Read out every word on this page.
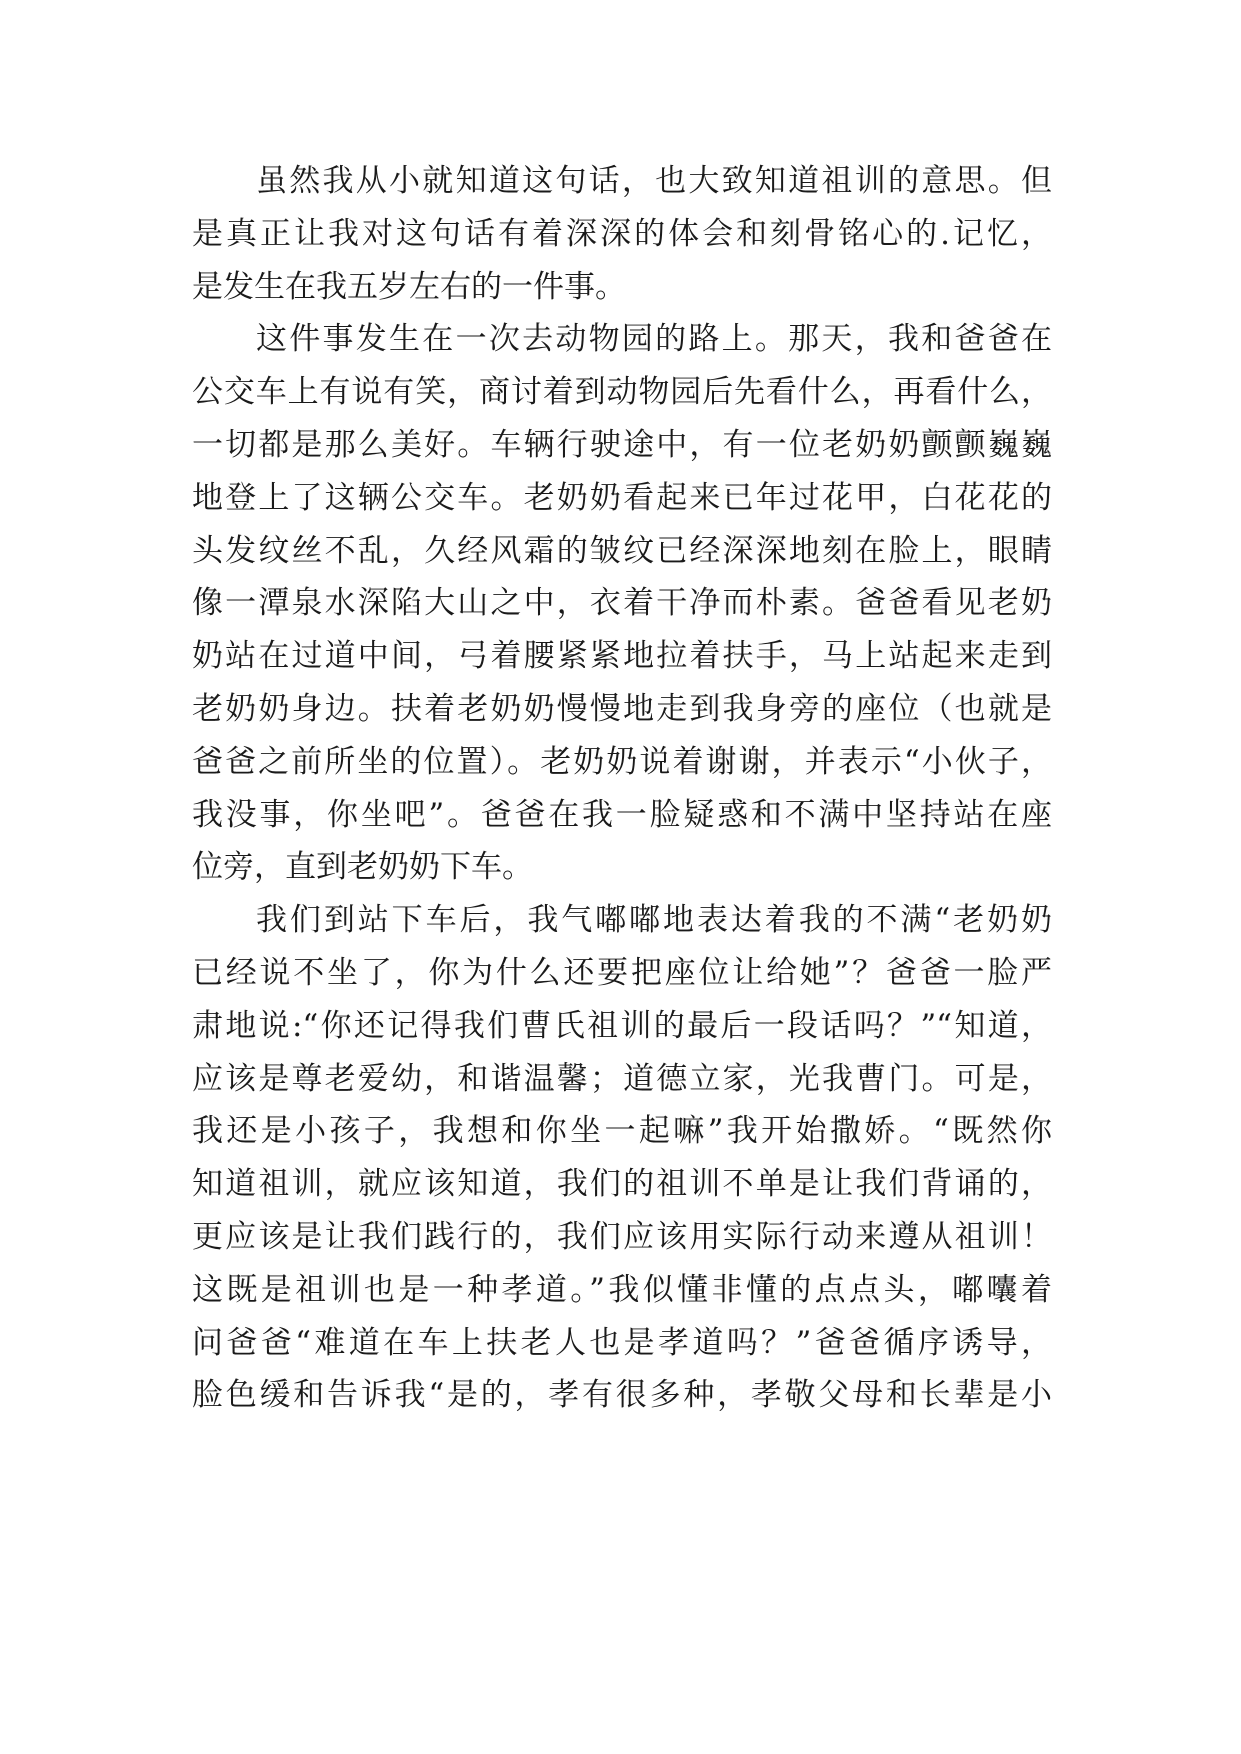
虽然我从小就知道这句话，也大致知道祖训的意思。但
是真正让我对这句话有着深深的体会和刻骨铭心的.记忆，
是发生在我五岁左右的一件事。
这件事发生在一次去动物园的路上。那天，我和爸爸在
公交车上有说有笑，商讨着到动物园后先看什么，再看什么，
一切都是那么美好。车辆行驶途中，有一位老奶奶颤颤巍巍
地登上了这辆公交车。老奶奶看起来已年过花甲，白花花的
头发纹丝不乱，久经风霜的皱纹已经深深地刻在脸上，眼睛
像一潭泉水深陷大山之中，衣着干净而朴素。爸爸看见老奶
奶站在过道中间，弓着腰紧紧地拉着扶手，马上站起来走到
老奶奶身边。扶着老奶奶慢慢地走到我身旁的座位（也就是
爸爸之前所坐的位置）。老奶奶说着谢谢，并表示“小伙子，
我没事，你坐吧”。爸爸在我一脸疑惑和不满中坚持站在座
位旁，直到老奶奶下车。
我们到站下车后，我气嘟嘟地表达着我的不满“老奶奶
已经说不坐了，你为什么还要把座位让给她”？爸爸一脸严
肃地说:“你还记得我们曹氏祖训的最后一段话吗？”“知道，
应该是尊老爱幼，和谐温馨；道德立家，光我曹门。可是，
我还是小孩子，我想和你坐一起嘛”我开始撒娇。“既然你
知道祖训，就应该知道，我们的祖训不单是让我们背诵的，
更应该是让我们践行的，我们应该用实际行动来遵从祖训！
这既是祖训也是一种孝道。”我似懂非懂的点点头，嘟囔着
问爸爸“难道在车上扶老人也是孝道吗？”爸爸循序诱导，
脸色缓和告诉我“是的，孝有很多种，孝敬父母和长辈是小
